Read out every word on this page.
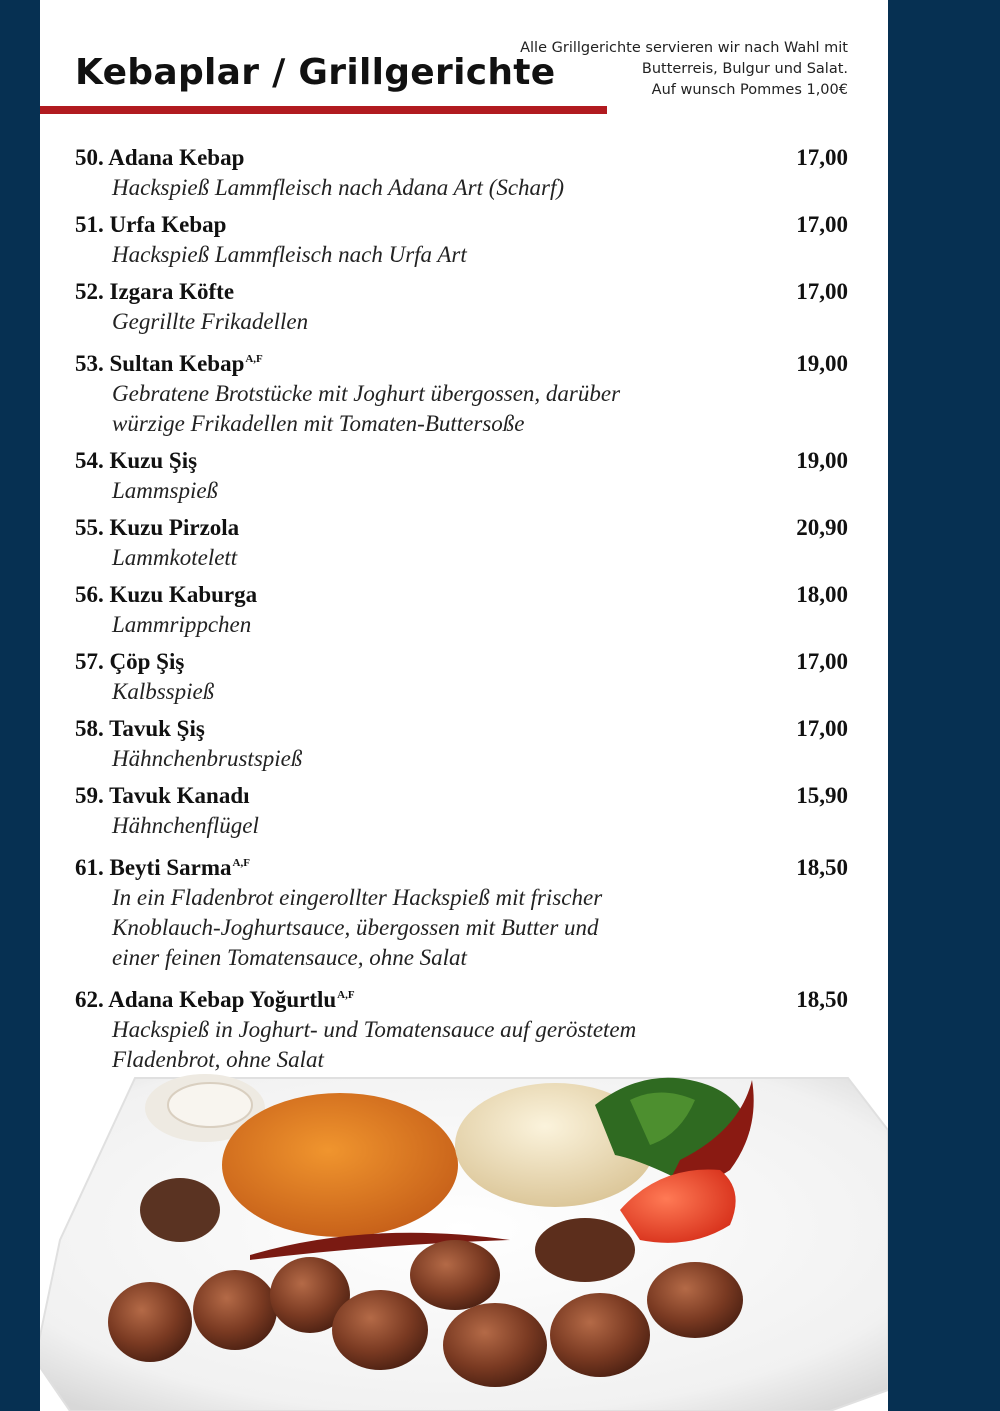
Kebaplar / Grillgerichte
Alle Grillgerichte servieren wir nach Wahl mit
Butterreis, Bulgur und Salat.
Auf wunsch Pommes 1,00€
50. Adana Kebap	17,00

Hackspieß Lammfleisch nach Adana Art (Scharf)

51. Urfa Kebap	17,00

Hackspieß Lammfleisch nach Urfa Art

52. Izgara Köfte	17,00

Gegrillte Frikadellen

53. Sultan Kebap$^{A,F}$	19,00

Gebratene Brotstücke mit Joghurt übergossen, darüber

würzige Frikadellen mit Tomaten-Buttersoße

54. Kuzu Şiş	19,00

Lammspieß

55. Kuzu Pirzola	20,90

Lammkotelett

56. Kuzu Kaburga	18,00

Lammrippchen

57. Çöp Şiş	17,00

Kalbsspieß

58. Tavuk Şiş	17,00

Hähnchenbrustspieß

59. Tavuk Kanadı	15,90

Hähnchenflügel

61. Beyti Sarma$^{A,F}$	18,50

In ein Fladenbrot eingerollter Hackspieß mit frischer

Knoblauch-Joghurtsauce, übergossen mit Butter und

einer feinen Tomatensauce, ohne Salat

62. Adana Kebap Yoğurtlu$^{A,F}$	18,50

Hackspieß in Joghurt- und Tomatensauce auf geröstetem

Fladenbrot, ohne Salat
